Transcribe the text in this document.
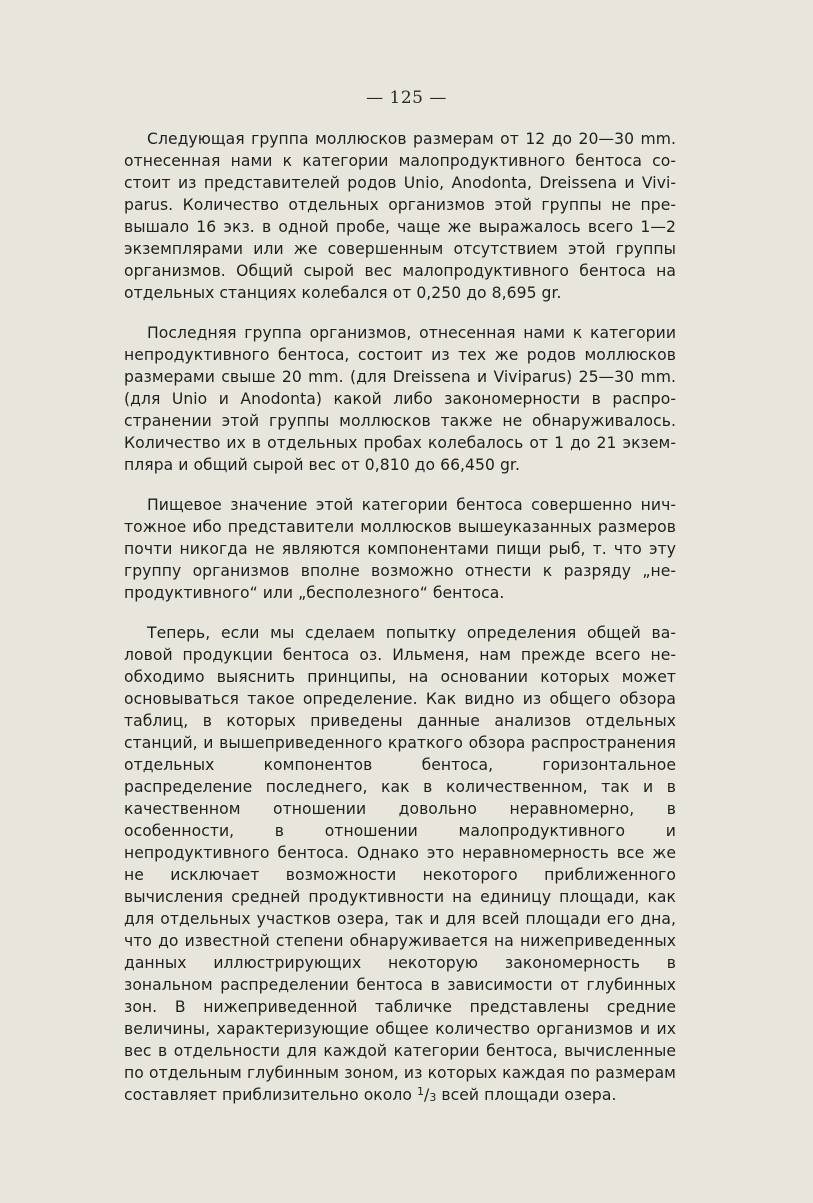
— 125 —

Следующая группа моллюсков размерам от 12 до 20—30 mm. отнесенная нами к категории малопродуктивного бентоса состоит из представителей родов Unio, Anodonta, Dreissena и Viviparus. Количество отдельных организмов этой группы не превышало 16 экз. в одной пробе, чаще же выражалось всего 1—2 экземплярами или же совершенным отсутствием этой группы организмов. Общий сырой вес малопродуктивного бентоса на отдельных станциях колебался от 0,250 до 8,695 gr.

Последняя группа организмов, отнесенная нами к категории непродуктивного бентоса, состоит из тех же родов моллюсков размерами свыше 20 mm. (для Dreissena и Viviparus) 25—30 mm. (для Unio и Anodonta) какой либо закономерности в распространении этой группы моллюсков также не обнаруживалось. Количество их в отдельных пробах колебалось от 1 до 21 экземпляра и общий сырой вес от 0,810 до 66,450 gr.

Пищевое значение этой категории бентоса совершенно ничтожное ибо представители моллюсков вышеуказанных размеров почти никогда не являются компонентами пищи рыб, т. что эту группу организмов вполне возможно отнести к разряду „непродуктивного“ или „бесполезного“ бентоса.

Теперь, если мы сделаем попытку определения общей валовой продукции бентоса оз. Ильменя, нам прежде всего необходимо выяснить принципы, на основании которых может основываться такое определение. Как видно из общего обзора таблиц, в которых приведены данные анализов отдельных станций, и вышеприведенного краткого обзора распространения отдельных компонентов бентоса, горизонтальное распределение последнего, как в количественном, так и в качественном отношении довольно неравномерно, в особенности, в отношении малопродуктивного и непродуктивного бентоса. Однако это неравномерность все же не исключает возможности некоторого приближенного вычисления средней продуктивности на единицу площади, как для отдельных участков озера, так и для всей площади его дна, что до известной степени обнаруживается на нижеприведенных данных иллюстрирующих некоторую закономерность в зональном распределении бентоса в зависимости от глубинных зон. В нижеприведенной табличке представлены средние величины, характеризующие общее количество организмов и их вес в отдельности для каждой категории бентоса, вычисленные по отдельным глубинным зоном, из которых каждая по размерам составляет приблизительно около $^1$/3 всей площади озера.
